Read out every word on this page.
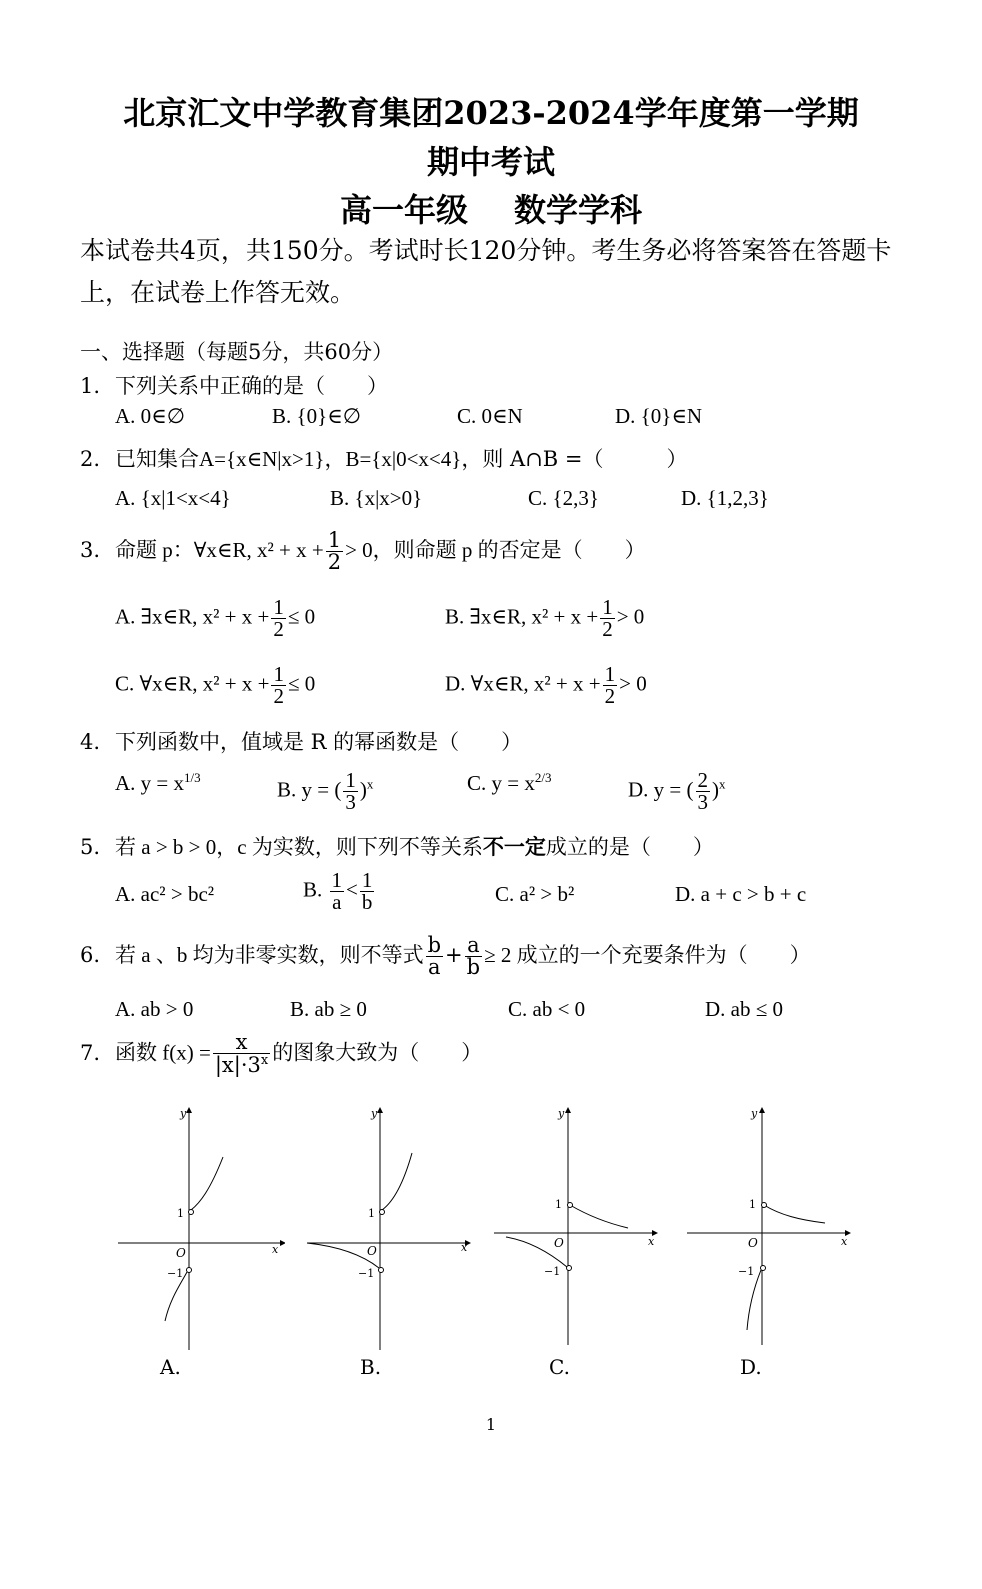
北京汇文中学教育集团2023-2024学年度第一学期
期中考试
高一年级 数学学科
本试卷共4页，共150分。考试时长120分钟。考生务必将答案答在答题卡上，在试卷上作答无效。
一、选择题（每题5分，共60分）
1. 下列关系中正确的是（　　）
A. 0∈∅	B. {0}∈∅	C. 0∈N	D. {0}∈N
2. 已知集合A={x∈N|x>1}，B={x|0<x<4}，则 A∩B =（　　　）
A. {x|1<x<4}	B. {x|x>0}	C. {2,3}	D. {1,2,3}
3. 命题 p：∀x∈R, $x^2 + x + \frac{1}{2} > 0$，则命题 p 的否定是（　　）
A. ∃x∈R, $x^2 + x + \frac{1}{2} \le 0$	B. ∃x∈R, $x^2 + x + \frac{1}{2} > 0$
C. ∀x∈R, $x^2 + x + \frac{1}{2} \le 0$	D. ∀x∈R, $x^2 + x + \frac{1}{2} > 0$
4. 下列函数中，值域是 R 的幂函数是（　　）
A. $y = x^{1/3}$	B. y = ( $\frac{1}{3} )^x$	C. $y = x^{2/3}$	D. y = ( $\frac{2}{3} )^x$
5. 若 a > b > 0，c 为实数，则下列不等关系不一定成立的是（　　）
A. ac² > bc²	B. $\frac{1}{a} < \frac{1}{b}$	C. a² > b²	D. a + c > b + c
6. 若 a 、b 均为非零实数，则不等式 $\frac{b}{a} + \frac{a}{b} \ge 2$ 成立的一个充要条件为（　　）
A. ab > 0	B. ab ≥ 0	C. ab < 0	D. ab ≤ 0
7. 函数 $f(x) = \frac{x}{|x|\cdot 3^x}$ 的图象大致为（　　）
y
x
O
1
−1
A.
y
x
O
1
−1
B.
y
x
O
1
−1
C.
y
x
O
1
−1
D.
1
